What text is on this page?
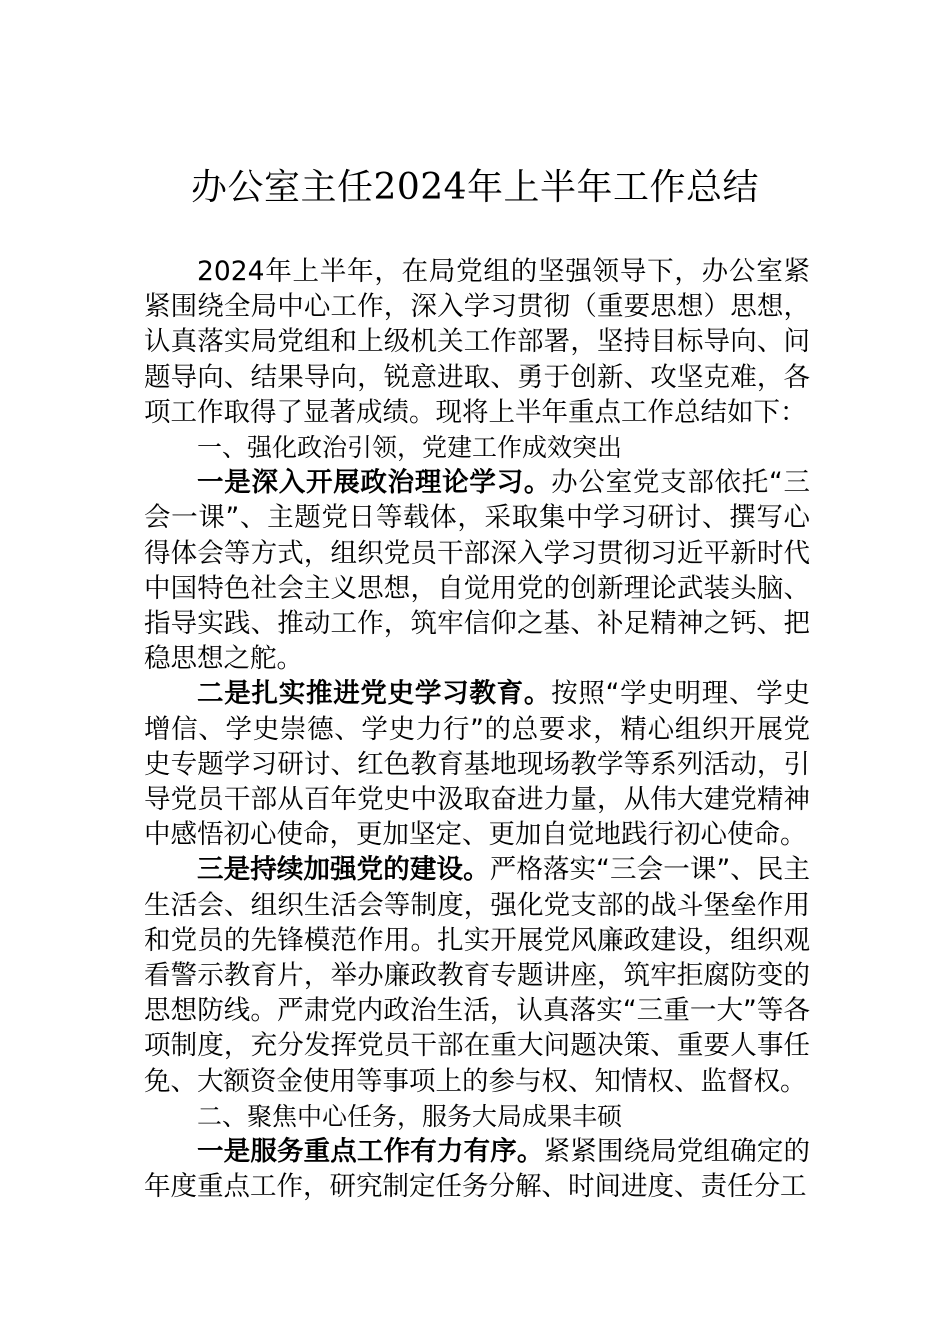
办公室主任2024年上半年工作总结

2024年上半年，在局党组的坚强领导下，办公室紧紧围绕全局中心工作，深入学习贯彻（重要思想）思想，认真落实局党组和上级机关工作部署，坚持目标导向、问题导向、结果导向，锐意进取、勇于创新、攻坚克难，各项工作取得了显著成绩。现将上半年重点工作总结如下：

一、强化政治引领，党建工作成效突出

一是深入开展政治理论学习。办公室党支部依托“三会一课”、主题党日等载体，采取集中学习研讨、撰写心得体会等方式，组织党员干部深入学习贯彻习近平新时代中国特色社会主义思想，自觉用党的创新理论武装头脑、指导实践、推动工作，筑牢信仰之基、补足精神之钙、把稳思想之舵。

二是扎实推进党史学习教育。按照“学史明理、学史增信、学史崇德、学史力行”的总要求，精心组织开展党史专题学习研讨、红色教育基地现场教学等系列活动，引导党员干部从百年党史中汲取奋进力量，从伟大建党精神中感悟初心使命，更加坚定、更加自觉地践行初心使命。

三是持续加强党的建设。严格落实“三会一课”、民主生活会、组织生活会等制度，强化党支部的战斗堡垒作用和党员的先锋模范作用。扎实开展党风廉政建设，组织观看警示教育片，举办廉政教育专题讲座，筑牢拒腐防变的思想防线。严肃党内政治生活，认真落实“三重一大”等各项制度，充分发挥党员干部在重大问题决策、重要人事任免、大额资金使用等事项上的参与权、知情权、监督权。

二、聚焦中心任务，服务大局成果丰硕

一是服务重点工作有力有序。紧紧围绕局党组确定的年度重点工作，研究制定任务分解、时间进度、责任分工
